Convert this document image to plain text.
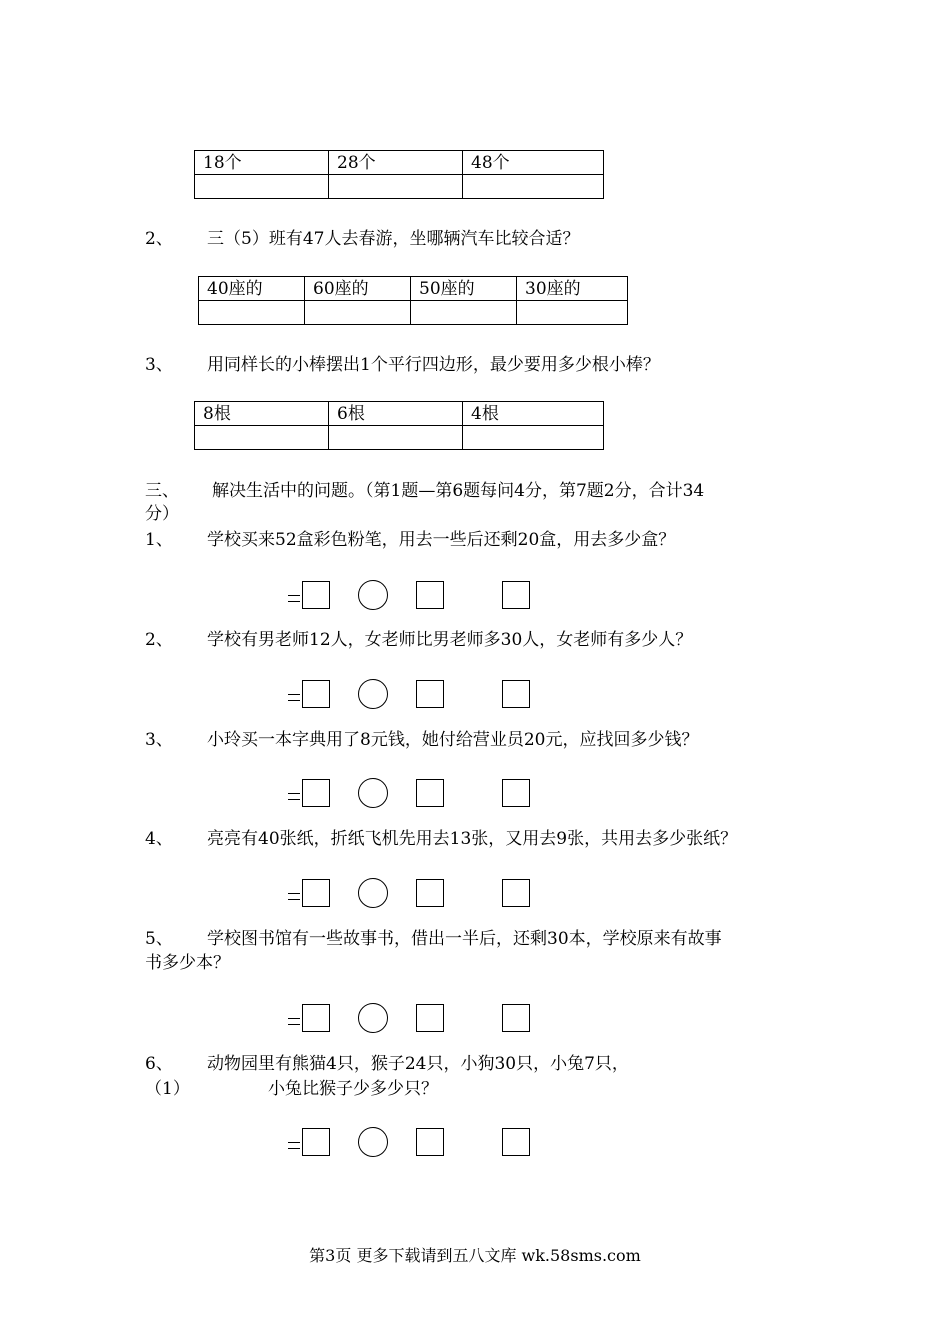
18个	28个	48个

2、 三（5）班有47人去春游，坐哪辆汽车比较合适？
40座的	60座的	50座的	30座的

3、 用同样长的小棒摆出1个平行四边形，最少要用多少根小棒？
8根	6根	4根

三、 解决生活中的问题。（第1题—第6题每问4分，第7题2分，合计34
分）
1、 学校买来52盒彩色粉笔，用去一些后还剩20盒，用去多少盒？
2、 学校有男老师12人，女老师比男老师多30人，女老师有多少人？
3、 小玲买一本字典用了8元钱，她付给营业员20元，应找回多少钱？
4、 亮亮有40张纸，折纸飞机先用去13张，又用去9张，共用去多少张纸？
5、 学校图书馆有一些故事书，借出一半后，还剩30本，学校原来有故事
书多少本？
6、 动物园里有熊猫4只，猴子24只，小狗30只，小兔7只，
（1）	小兔比猴子少多少只？
第3页 更多下载请到五八文库 wk.58sms.com
